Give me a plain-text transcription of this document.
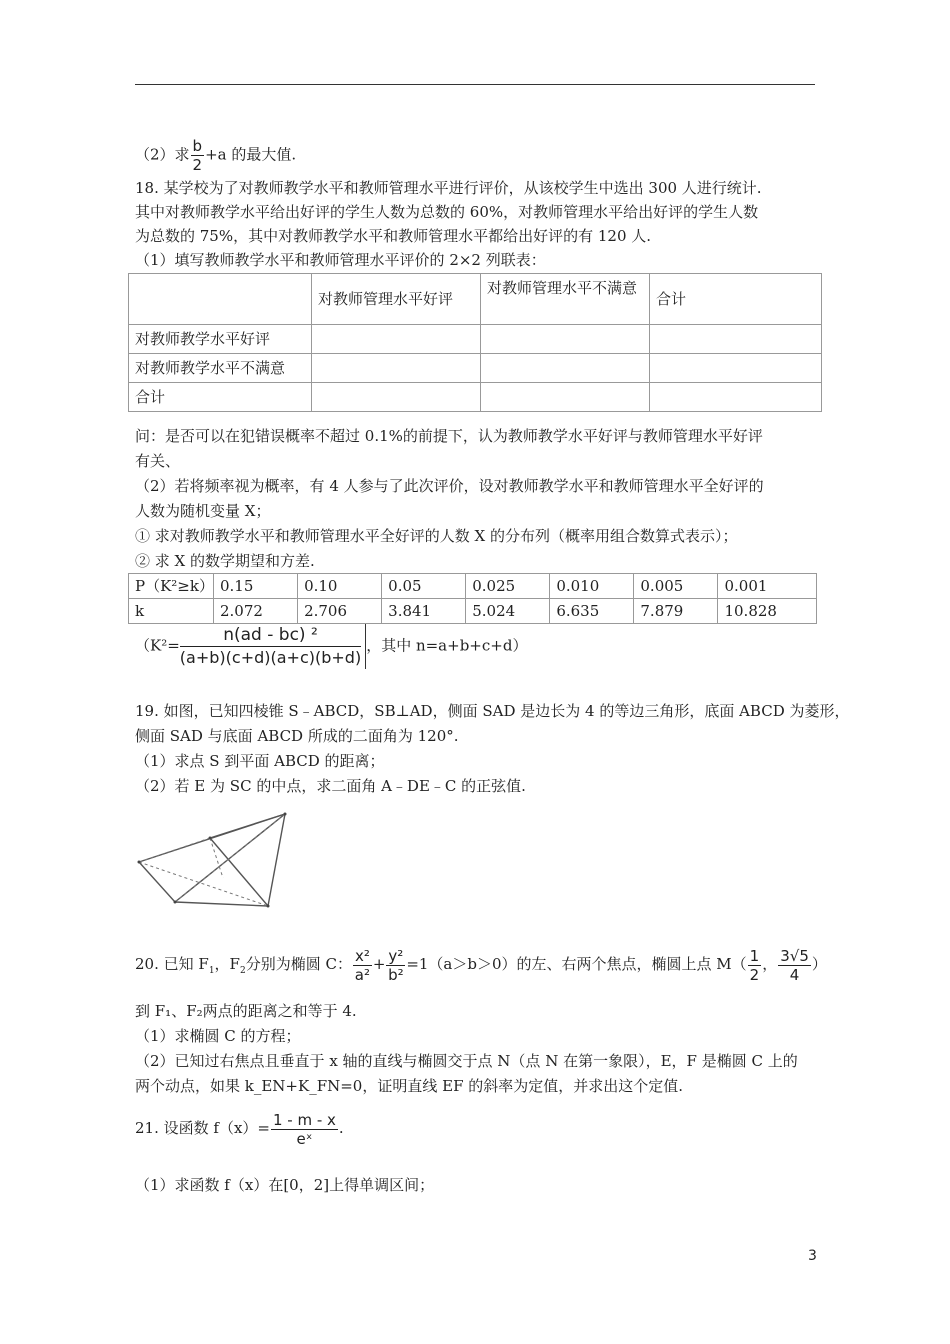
（2）求 $\frac{b}{2} +a$ 的最大值.
18. 某学校为了对教师教学水平和教师管理水平进行评价，从该校学生中选出 300 人进行统计.
其中对教师教学水平给出好评的学生人数为总数的 60%，对教师管理水平给出好评的学生人数
为总数的 75%，其中对教师教学水平和教师管理水平都给出好评的有 120 人.
（1）填写教师教学水平和教师管理水平评价的 2×2 列联表：
	对教师管理水平好评	对教师管理水平不满意	合计
对教师教学水平好评			
对教师教学水平不满意			
合计			
问：是否可以在犯错误概率不超过 0.1%的前提下，认为教师教学水平好评与教师管理水平好评
有关、
（2）若将频率视为概率，有 4 人参与了此次评价，设对教师教学水平和教师管理水平全好评的
人数为随机变量 X；
① 求对教师教学水平和教师管理水平全好评的人数 X 的分布列（概率用组合数算式表示）；
② 求 X 的数学期望和方差.
P（K²≥k）	0.15	0.10	0.05	0.025	0.010	0.005	0.001
k	2.072	2.706	3.841	5.024	6.635	7.879	10.828
（$K^2= \frac{\text{n(ad - bc) ²}}{(a+b)(c+d)(a+c)(b+d)}$ ，其中 n=a+b+c+d）
19. 如图，已知四棱锥 S﹣ABCD，SB⊥AD，侧面 SAD 是边长为 4 的等边三角形，底面 ABCD 为菱形，
侧面 SAD 与底面 ABCD 所成的二面角为 120°.
（1）求点 S 到平面 ABCD 的距离；
（2）若 E 为 SC 的中点，求二面角 A﹣DE﹣C 的正弦值.
20. 已知 $F_1$，$F_2$分别为椭圆 C： $\frac{\text{x²}}{\text{a²}} + \frac{\text{y²}}{\text{b²}} =1(a>b>0)$的左、右两个焦点，椭圆上点 $M( \frac{1}{2}$ ， $\frac{3√5}{4}$ ）
到 F₁、F₂两点的距离之和等于 4.
（1）求椭圆 C 的方程；
（2）已知过右焦点且垂直于 x 轴的直线与椭圆交于点 N（点 N 在第一象限），E，F 是椭圆 C 上的
两个动点，如果 k_EN+K_FN=0，证明直线 EF 的斜率为定值，并求出这个定值.
21. 设函数 $f(x)= \frac{1 - m - x}{\text{eˣ}}$ .
（1）求函数 f（x）在[0，2]上得单调区间；
3
